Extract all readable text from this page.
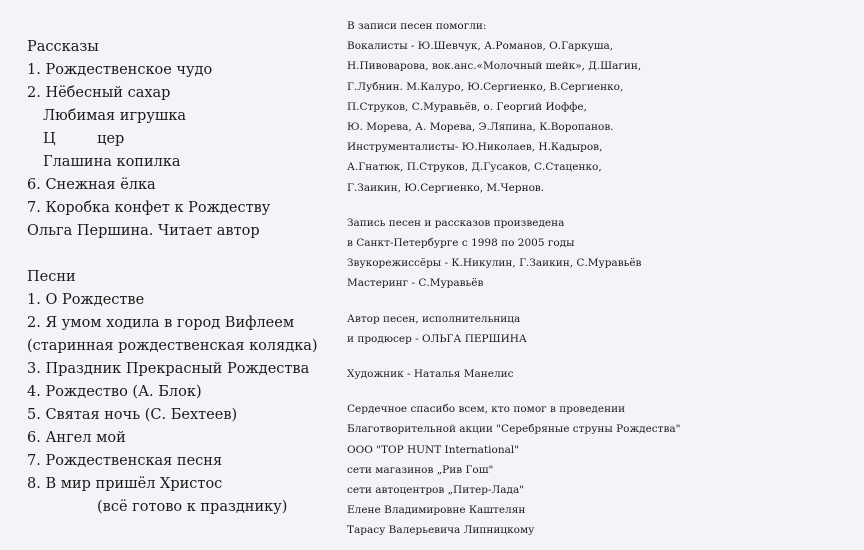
Рассказы
1. Рождественское чудо
2. Нёбесный сахар
Любимая игрушка
Ц         цер
Глашина копилка
6. Снежная ёлка
7. Коробка конфет к Рождеству
Ольга Першина. Читает автор
Песни
1. О Рождестве
2. Я умом ходила в город Вифлеем
(старинная рождественская колядка)
3. Праздник Прекрасный Рождества
4. Рождество (А. Блок)
5. Святая ночь (С. Бехтеев)
6. Ангел мой
7. Рождественская песня
8. В мир пришёл Христос
(всё готово к празднику)
В записи песен помогли:
Вокалисты - Ю.Шевчук, А.Романов, О.Гаркуша,
Н.Пивоварова, вок.анс.«Молочный шейк», Д.Шагин,
Г.Лубнин. М.Калуро, Ю.Сергиенко, В.Сергиенко,
П.Струков, С.Муравьёв, о. Георгий Иоффе,
Ю. Морева, А. Морева, Э.Ляпина, К.Воропанов.
Инструменталисты- Ю.Николаев, Н.Кадыров,
А.Гнатюк, П.Струков, Д.Гусаков, С.Стаценко,
Г.Заикин, Ю.Сергиенко, М.Чернов.
Запись песен и рассказов произведена
в Санкт-Петербурге с 1998 по 2005 годы
Звукорежиссёры - К.Никулин, Г.Заикин, С.Муравьёв
Мастеринг - С.Муравьёв
Автор песен, исполнительница
и продюсер - ОЛЬГА ПЕРШИНА
Художник - Наталья Манелис
Сердечное спасибо всем, кто помог в проведении
Благотворительной акции "Серебряные струны Рождества"
ООО "TOP HUNT International"
сети магазинов „Рив Гош"
сети автоцентров „Питер-Лада"
Елене Владимировне Каштелян
Тарасу Валерьевича Липницкому
